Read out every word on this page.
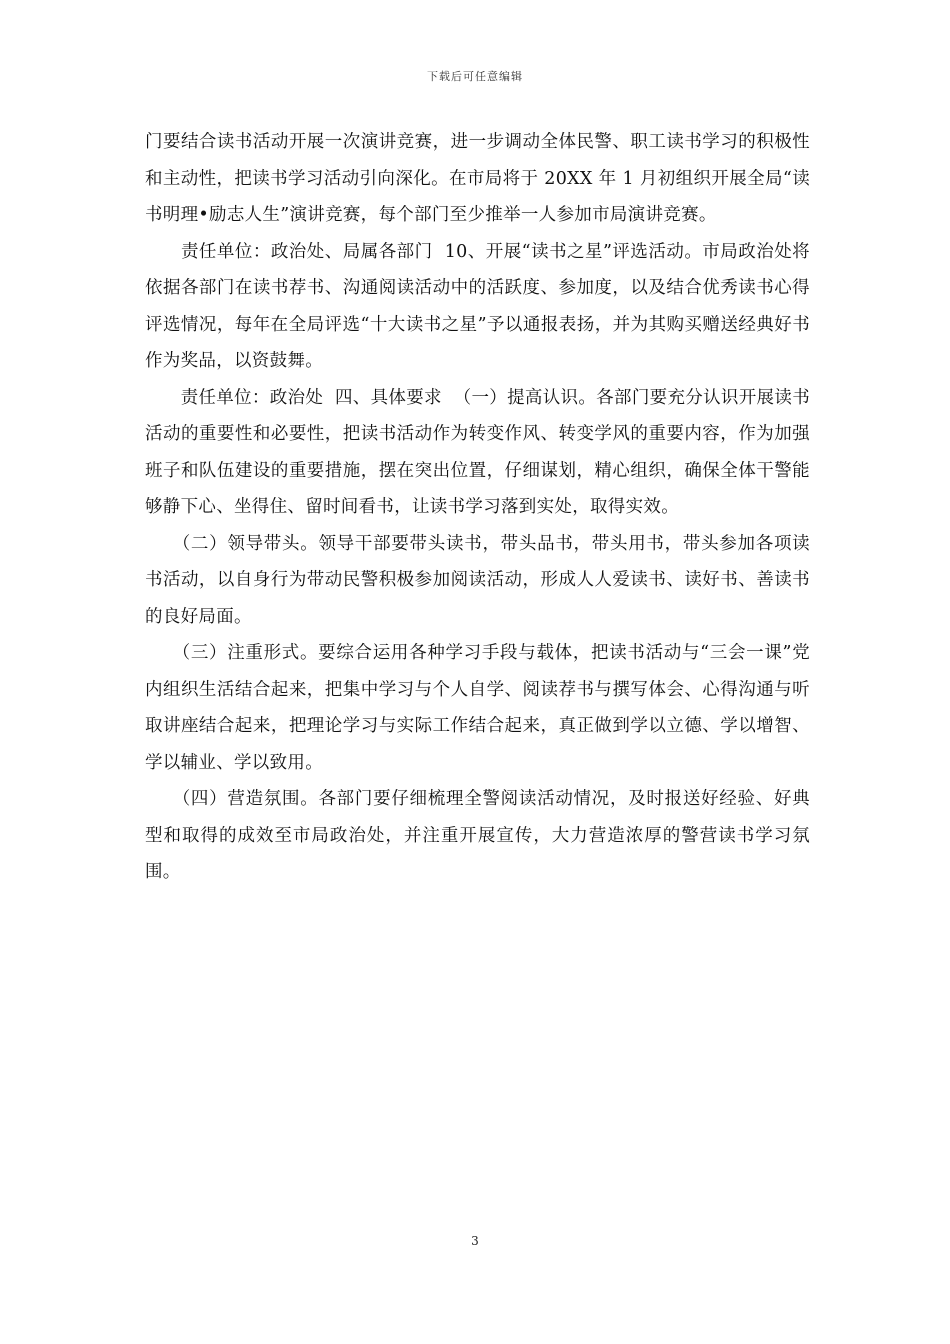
下载后可任意编辑

门要结合读书活动开展一次演讲竞赛，进一步调动全体民警、职工读书学习的积极性和主动性，把读书学习活动引向深化。在市局将于 20XX 年 1 月初组织开展全局“读书明理•励志人生”演讲竞赛，每个部门至少推举一人参加市局演讲竞赛。

　　责任单位：政治处、局属各部门  10、开展“读书之星”评选活动。市局政治处将依据各部门在读书荐书、沟通阅读活动中的活跃度、参加度，以及结合优秀读书心得评选情况，每年在全局评选“十大读书之星”予以通报表扬，并为其购买赠送经典好书作为奖品，以资鼓舞。

　　责任单位：政治处  四、具体要求  （一）提高认识。各部门要充分认识开展读书活动的重要性和必要性，把读书活动作为转变作风、转变学风的重要内容，作为加强班子和队伍建设的重要措施，摆在突出位置，仔细谋划，精心组织，确保全体干警能够静下心、坐得住、留时间看书，让读书学习落到实处，取得实效。

　　（二）领导带头。领导干部要带头读书，带头品书，带头用书，带头参加各项读书活动，以自身行为带动民警积极参加阅读活动，形成人人爱读书、读好书、善读书的良好局面。

　　（三）注重形式。要综合运用各种学习手段与载体，把读书活动与“三会一课”党内组织生活结合起来，把集中学习与个人自学、阅读荐书与撰写体会、心得沟通与听取讲座结合起来，把理论学习与实际工作结合起来，真正做到学以立德、学以增智、学以辅业、学以致用。

　　（四）营造氛围。各部门要仔细梳理全警阅读活动情况，及时报送好经验、好典型和取得的成效至市局政治处，并注重开展宣传，大力营造浓厚的警营读书学习氛围。

3
